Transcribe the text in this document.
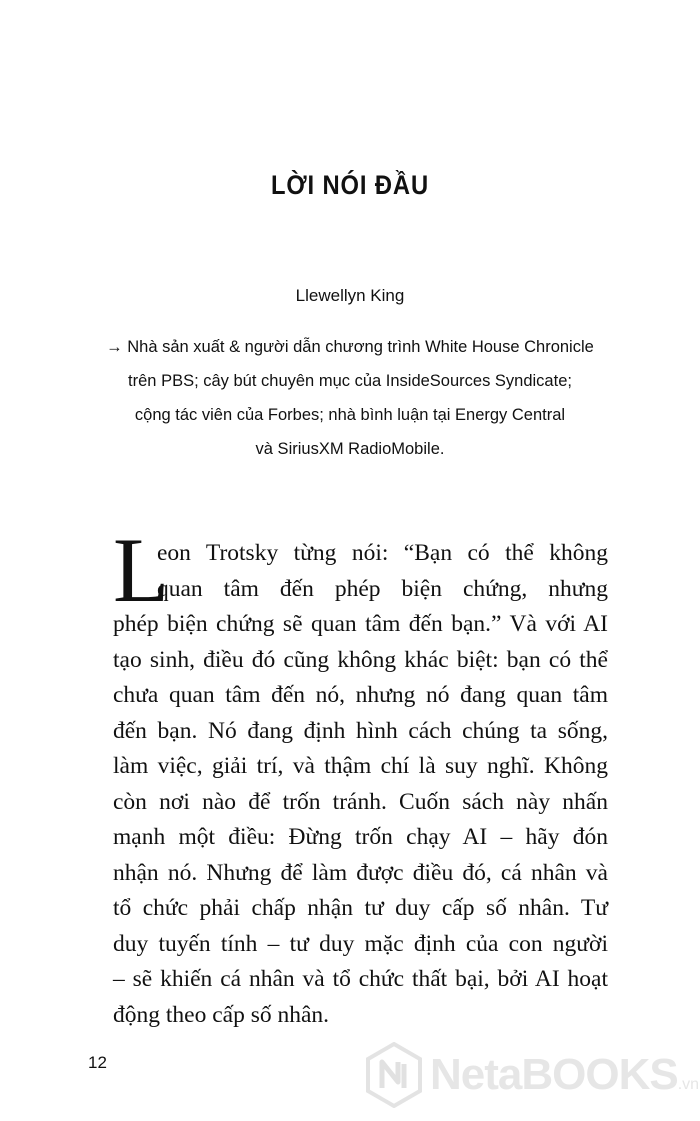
LỜI NÓI ĐẦU
Llewellyn King
→ Nhà sản xuất & người dẫn chương trình White House Chronicle
trên PBS; cây bút chuyên mục của InsideSources Syndicate;
cộng tác viên của Forbes; nhà bình luận tại Energy Central
và SiriusXM RadioMobile.
L
eon Trotsky từng nói: “Bạn có thể không
quan tâm đến phép biện chứng, nhưng
phép biện chứng sẽ quan tâm đến bạn.” Và với AI
tạo sinh, điều đó cũng không khác biệt: bạn có thể
chưa quan tâm đến nó, nhưng nó đang quan tâm
đến bạn. Nó đang định hình cách chúng ta sống,
làm việc, giải trí, và thậm chí là suy nghĩ. Không
còn nơi nào để trốn tránh. Cuốn sách này nhấn
mạnh một điều: Đừng trốn chạy AI – hãy đón
nhận nó. Nhưng để làm được điều đó, cá nhân và
tổ chức phải chấp nhận tư duy cấp số nhân. Tư
duy tuyến tính – tư duy mặc định của con người
– sẽ khiến cá nhân và tổ chức thất bại, bởi AI hoạt
động theo cấp số nhân.
12	NetaBOOKS.vn
